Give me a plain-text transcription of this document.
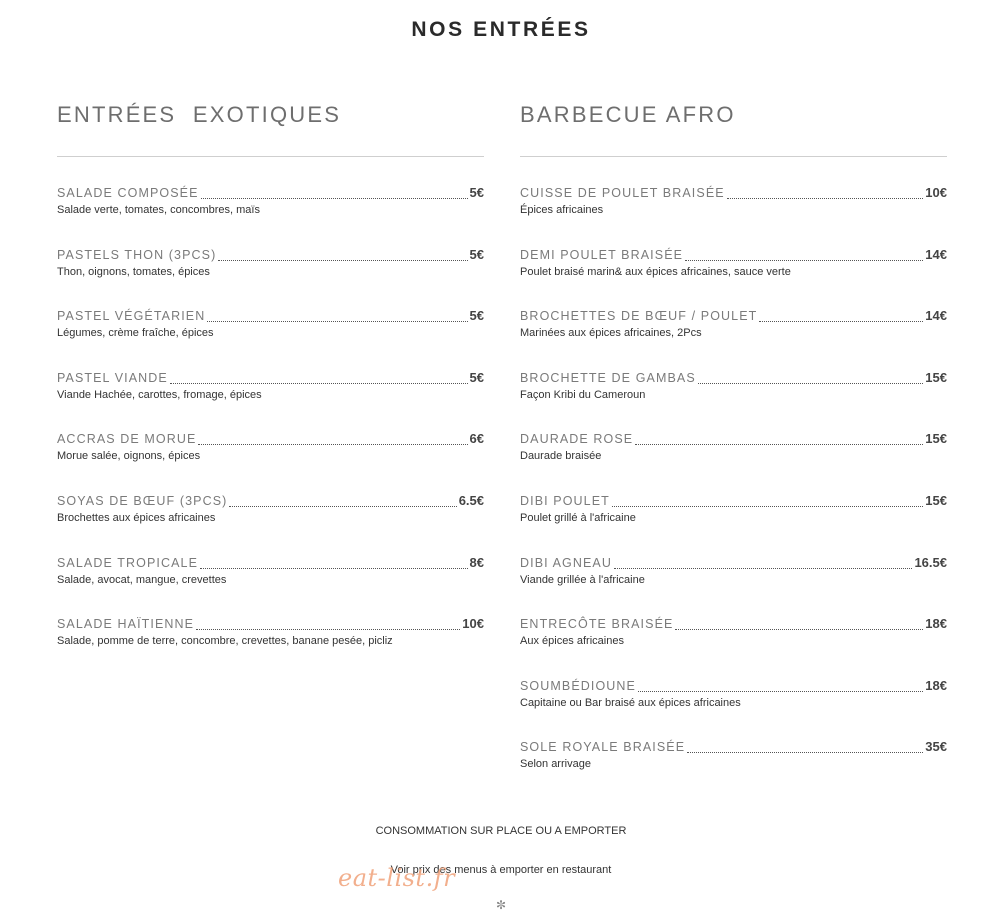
NOS ENTRÉES
ENTRÉES  EXOTIQUES
SALADE COMPOSÉE	5€
Salade verte, tomates, concombres, maïs
PASTELS THON (3PCS)	5€
Thon, oignons, tomates, épices
PASTEL VÉGÉTARIEN	5€
Légumes, crème fraîche, épices
PASTEL VIANDE	5€
Viande Hachée, carottes, fromage, épices
ACCRAS DE MORUE	6€
Morue salée, oignons, épices
SOYAS DE BŒUF (3PCS)	6.5€
Brochettes aux épices africaines
SALADE TROPICALE	8€
Salade, avocat, mangue, crevettes
SALADE HAÏTIENNE	10€
Salade, pomme de terre, concombre, crevettes, banane pesée, picliz
BARBECUE AFRO
CUISSE DE POULET BRAISÉE	10€
Épices africaines
DEMI POULET BRAISÉE	14€
Poulet braisé marin& aux épices africaines, sauce verte
BROCHETTES DE BŒUF / POULET	14€
Marinées aux épices africaines, 2Pcs
BROCHETTE DE GAMBAS	15€
Façon Kribi du Cameroun
DAURADE ROSE	15€
Daurade braisée
DIBI POULET	15€
Poulet grillé à l'africaine
DIBI AGNEAU	16.5€
Viande grillée à l'africaine
ENTRECÔTE BRAISÉE	18€
Aux épices africaines
SOUMBÉDIOUNE	18€
Capitaine ou Bar braisé aux épices africaines
SOLE ROYALE BRAISÉE	35€
Selon arrivage
CONSOMMATION SUR PLACE OU A EMPORTER
Voir prix des menus à emporter en restaurant
eat-list.fr
✼
